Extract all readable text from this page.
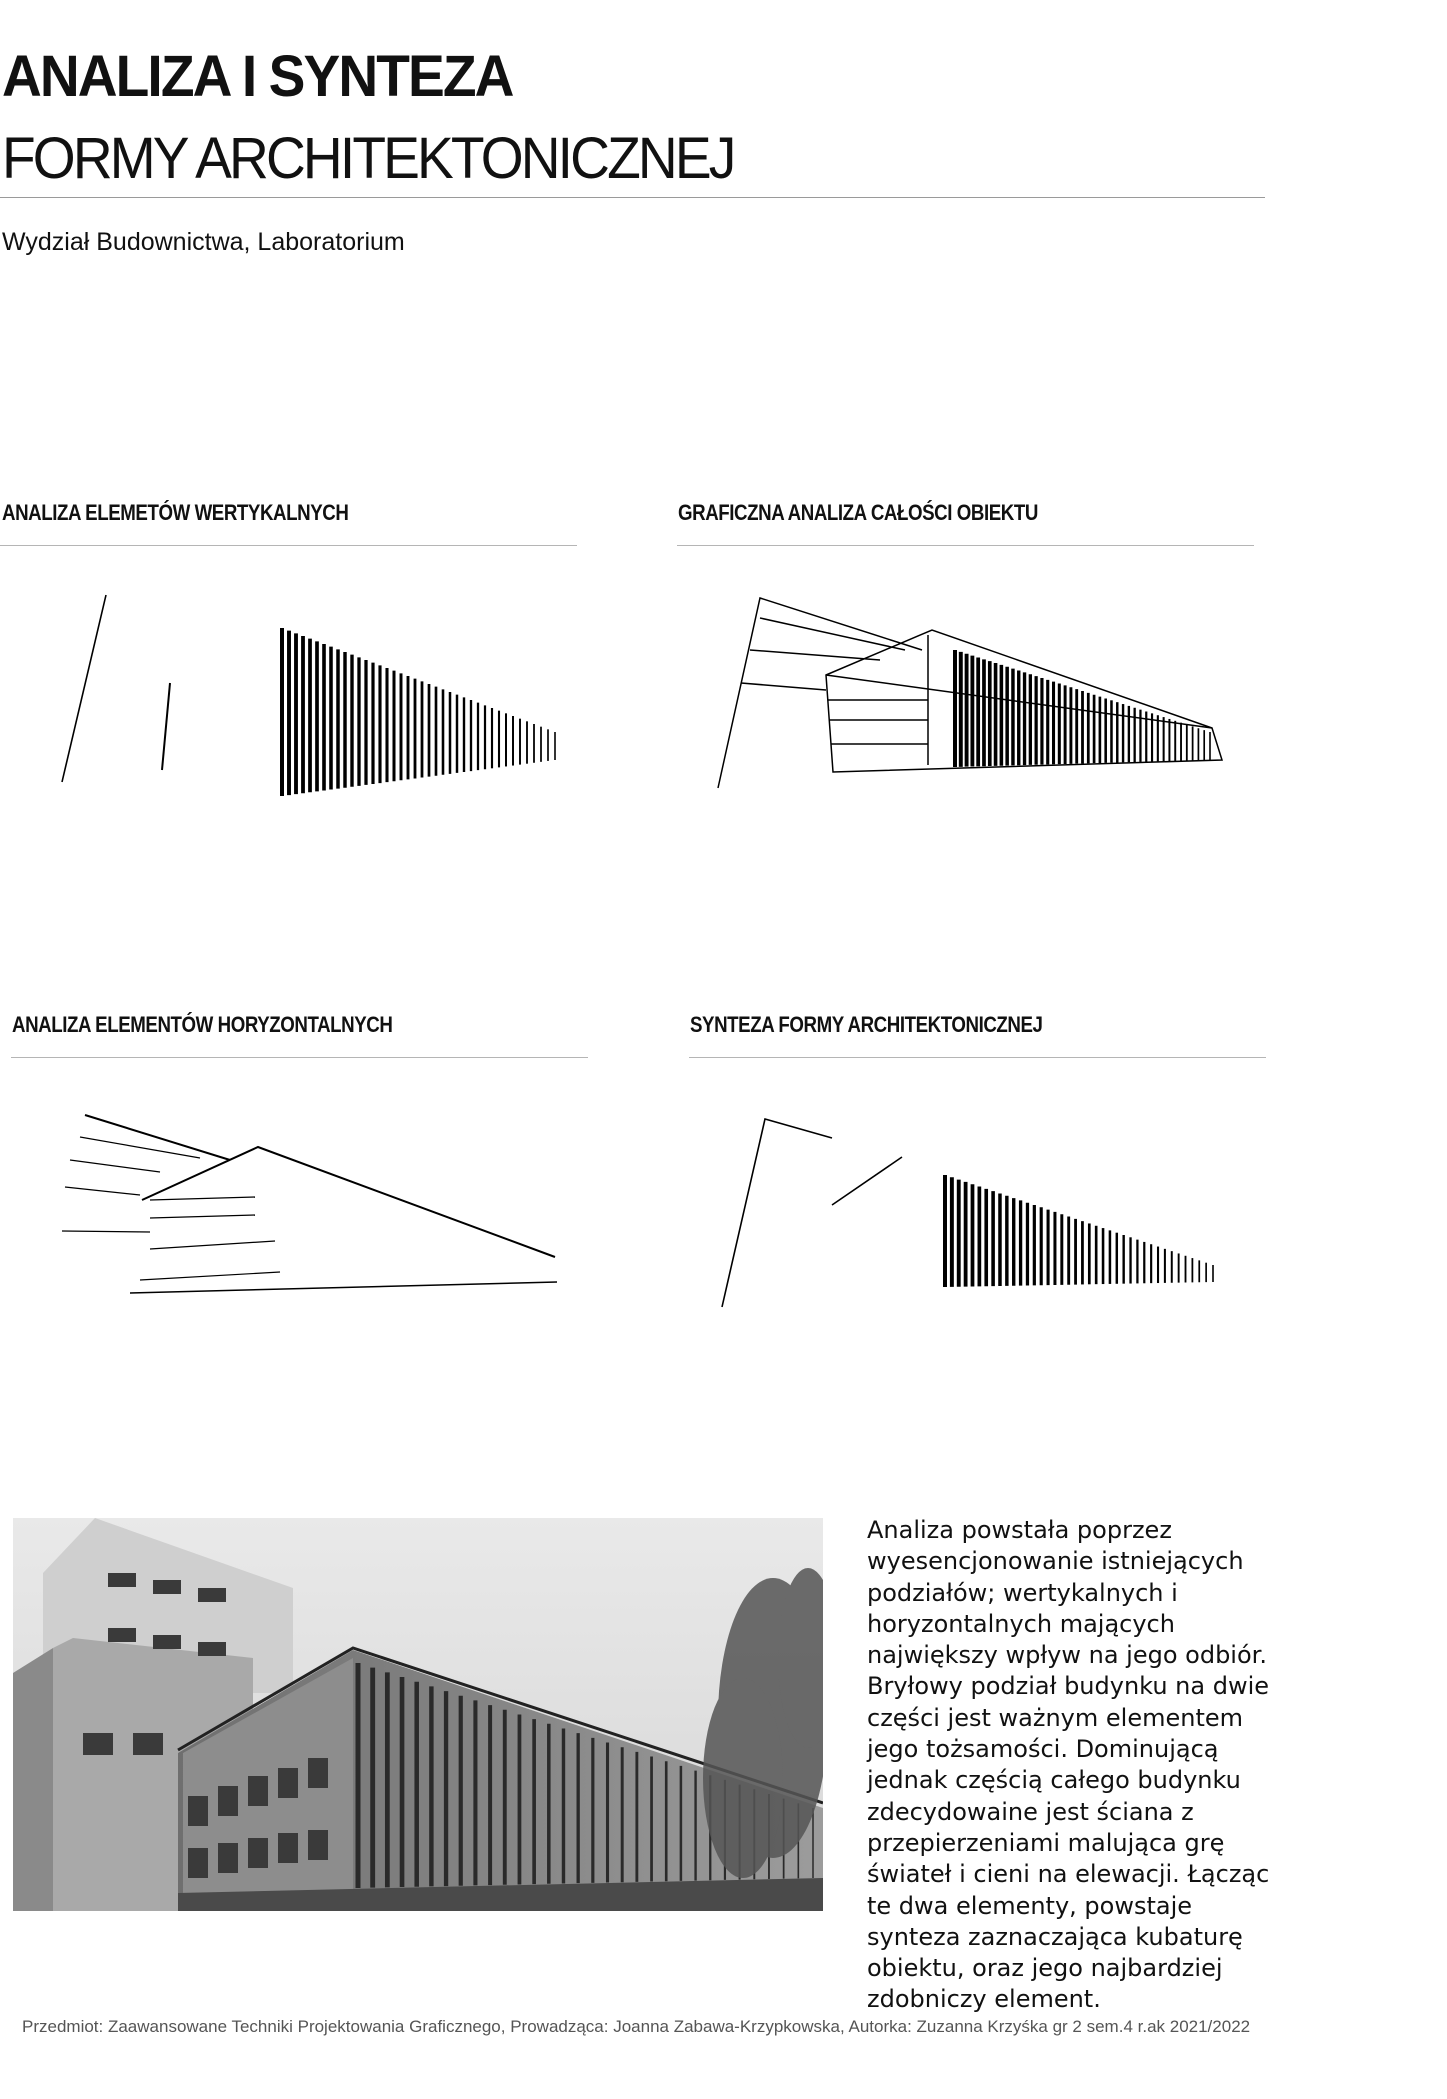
ANALIZA I SYNTEZA
FORMY ARCHITEKTONICZNEJ

Wydział Budownictwa, Laboratorium

ANALIZA ELEMETÓW WERTYKALNYCH	GRAFICZNA ANALIZA CAŁOŚCI OBIEKTU
ANALIZA ELEMENTÓW HORYZONTALNYCH	SYNTEZA FORMY ARCHITEKTONICZNEJ

Analiza powstała poprzez wyesencjonowanie istniejących podziałów; wertykalnych i horyzontalnych mających największy wpływ na jego odbiór. Bryłowy podział budynku na dwie części jest ważnym elementem jego tożsamości. Dominującą jednak częścią całego budynku zdecydowaine jest ściana z przepierzeniami malująca grę świateł i cieni na elewacji. Łącząc te dwa elementy, powstaje synteza zaznaczająca kubaturę obiektu, oraz jego najbardziej zdobniczy element.

Przedmiot: Zaawansowane Techniki Projektowania Graficznego, Prowadząca: Joanna Zabawa-Krzypkowska, Autorka: Zuzanna Krzyśka gr 2 sem.4 r.ak 2021/2022
